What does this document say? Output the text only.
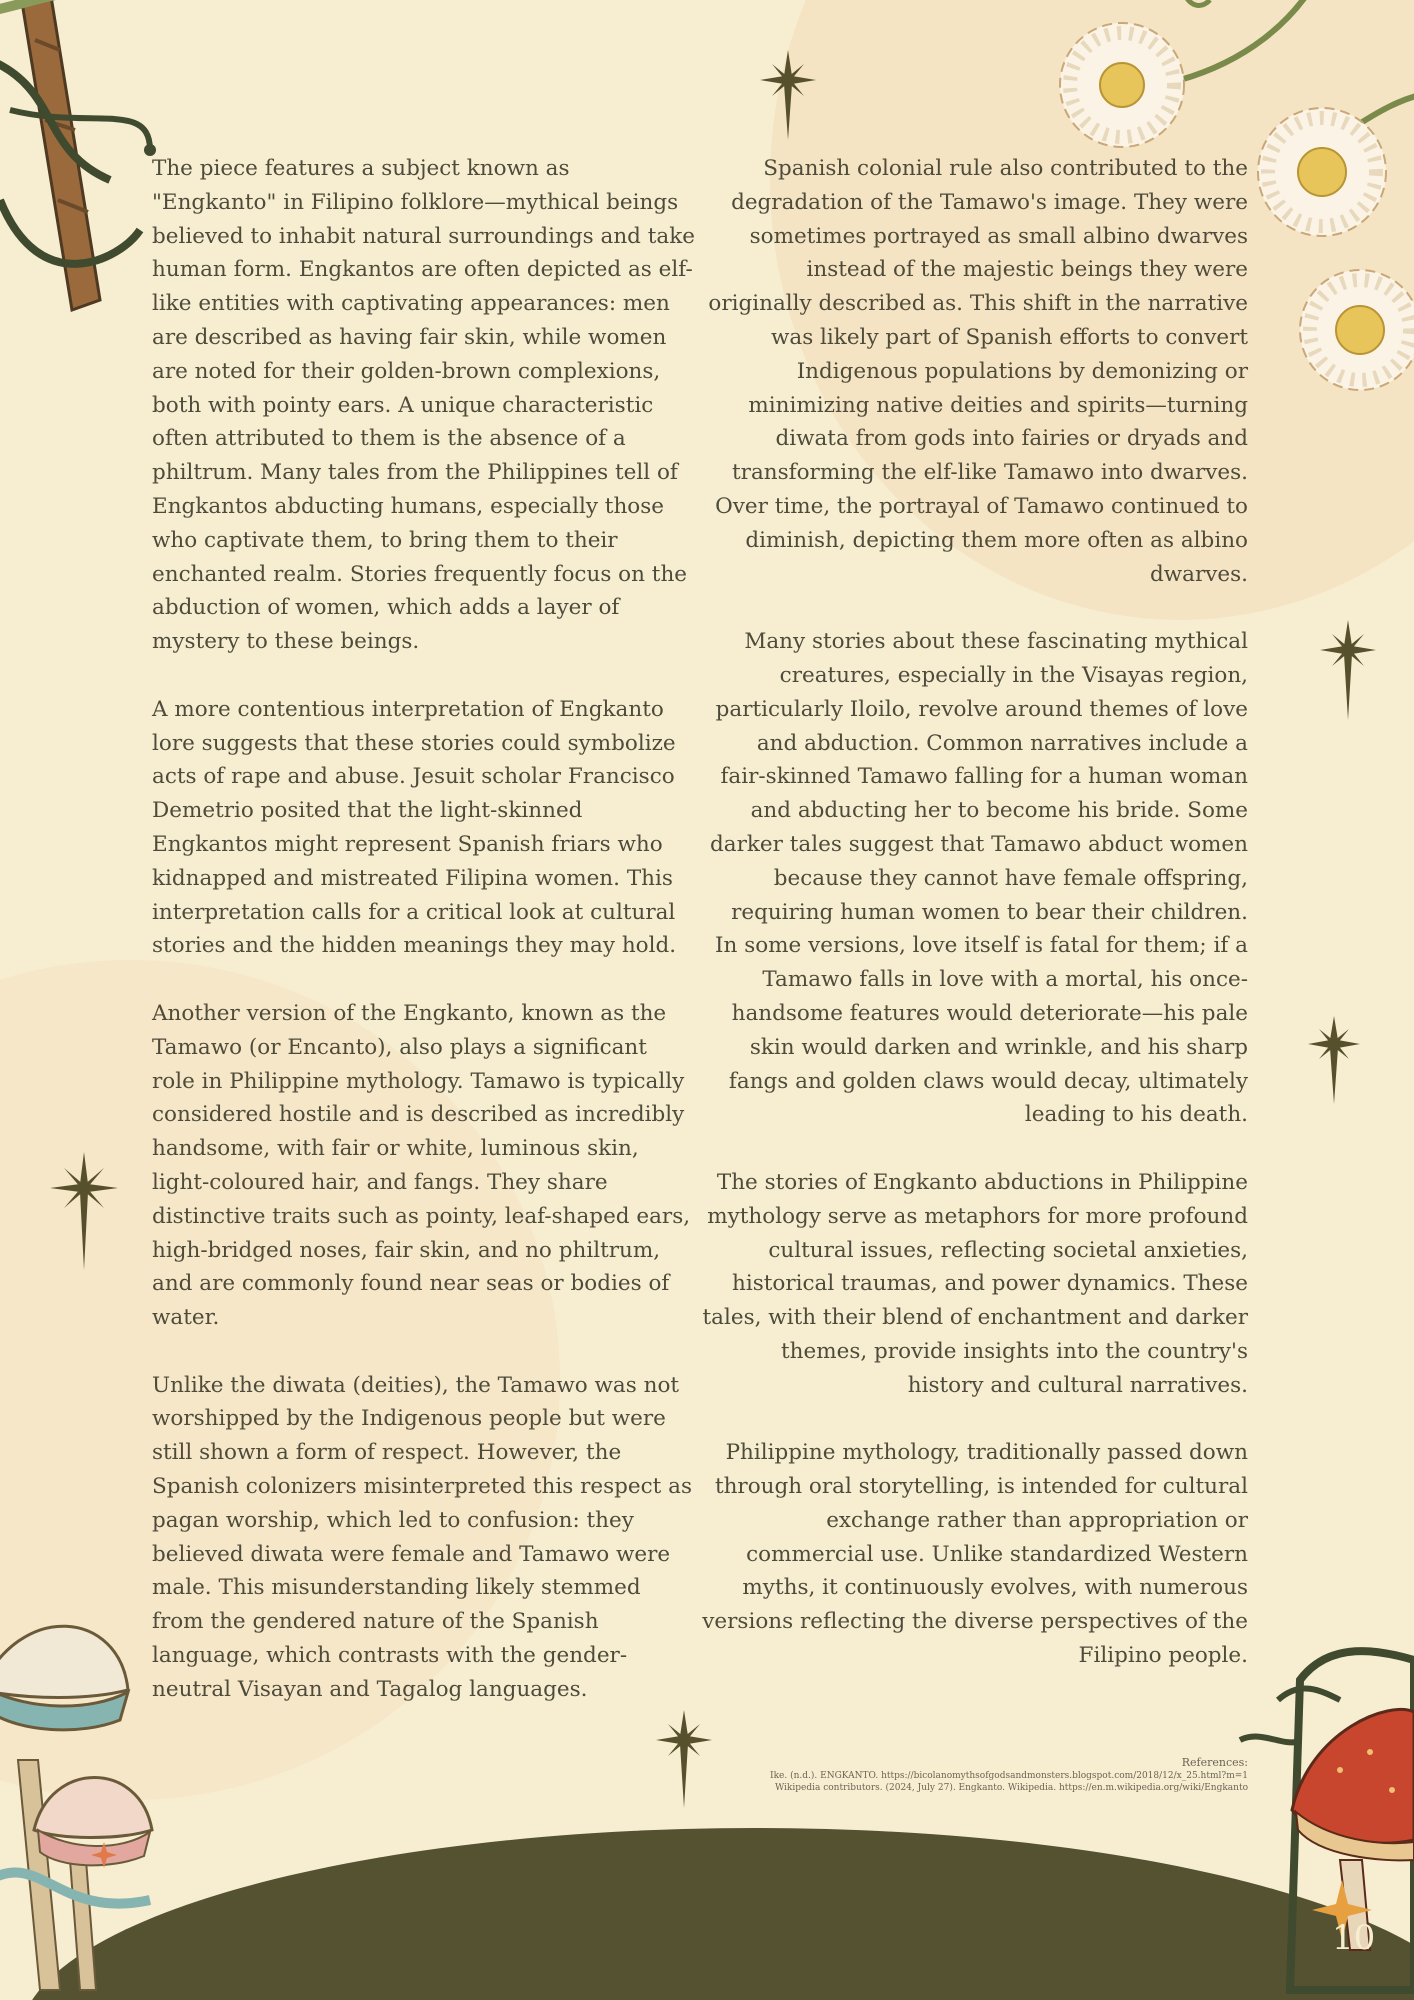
The piece features a subject known as
"Engkanto" in Filipino folklore—mythical beings
believed to inhabit natural surroundings and take
human form. Engkantos are often depicted as elf-
like entities with captivating appearances: men
are described as having fair skin, while women
are noted for their golden-brown complexions,
both with pointy ears. A unique characteristic
often attributed to them is the absence of a
philtrum. Many tales from the Philippines tell of
Engkantos abducting humans, especially those
who captivate them, to bring them to their
enchanted realm. Stories frequently focus on the
abduction of women, which adds a layer of
mystery to these beings.
A more contentious interpretation of Engkanto
lore suggests that these stories could symbolize
acts of rape and abuse. Jesuit scholar Francisco
Demetrio posited that the light-skinned
Engkantos might represent Spanish friars who
kidnapped and mistreated Filipina women. This
interpretation calls for a critical look at cultural
stories and the hidden meanings they may hold.
Another version of the Engkanto, known as the
Tamawo (or Encanto), also plays a significant
role in Philippine mythology. Tamawo is typically
considered hostile and is described as incredibly
handsome, with fair or white, luminous skin,
light-coloured hair, and fangs. They share
distinctive traits such as pointy, leaf-shaped ears,
high-bridged noses, fair skin, and no philtrum,
and are commonly found near seas or bodies of
water.
Unlike the diwata (deities), the Tamawo was not
worshipped by the Indigenous people but were
still shown a form of respect. However, the
Spanish colonizers misinterpreted this respect as
pagan worship, which led to confusion: they
believed diwata were female and Tamawo were
male. This misunderstanding likely stemmed
from the gendered nature of the Spanish
language, which contrasts with the gender-
neutral Visayan and Tagalog languages.
Spanish colonial rule also contributed to the
degradation of the Tamawo's image. They were
sometimes portrayed as small albino dwarves
instead of the majestic beings they were
originally described as. This shift in the narrative
was likely part of Spanish efforts to convert
Indigenous populations by demonizing or
minimizing native deities and spirits—turning
diwata from gods into fairies or dryads and
transforming the elf-like Tamawo into dwarves.
Over time, the portrayal of Tamawo continued to
diminish, depicting them more often as albino
dwarves.
Many stories about these fascinating mythical
creatures, especially in the Visayas region,
particularly Iloilo, revolve around themes of love
and abduction. Common narratives include a
fair-skinned Tamawo falling for a human woman
and abducting her to become his bride. Some
darker tales suggest that Tamawo abduct women
because they cannot have female offspring,
requiring human women to bear their children.
In some versions, love itself is fatal for them; if a
Tamawo falls in love with a mortal, his once-
handsome features would deteriorate—his pale
skin would darken and wrinkle, and his sharp
fangs and golden claws would decay, ultimately
leading to his death.
The stories of Engkanto abductions in Philippine
mythology serve as metaphors for more profound
cultural issues, reflecting societal anxieties,
historical traumas, and power dynamics. These
tales, with their blend of enchantment and darker
themes, provide insights into the country's
history and cultural narratives.
Philippine mythology, traditionally passed down
through oral storytelling, is intended for cultural
exchange rather than appropriation or
commercial use. Unlike standardized Western
myths, it continuously evolves, with numerous
versions reflecting the diverse perspectives of the
Filipino people.
References:
Ike. (n.d.). ENGKANTO. https://bicolanomythsofgodsandmonsters.blogspot.com/2018/12/x_25.html?m=1
Wikipedia contributors. (2024, July 27). Engkanto. Wikipedia. https://en.m.wikipedia.org/wiki/Engkanto
10
